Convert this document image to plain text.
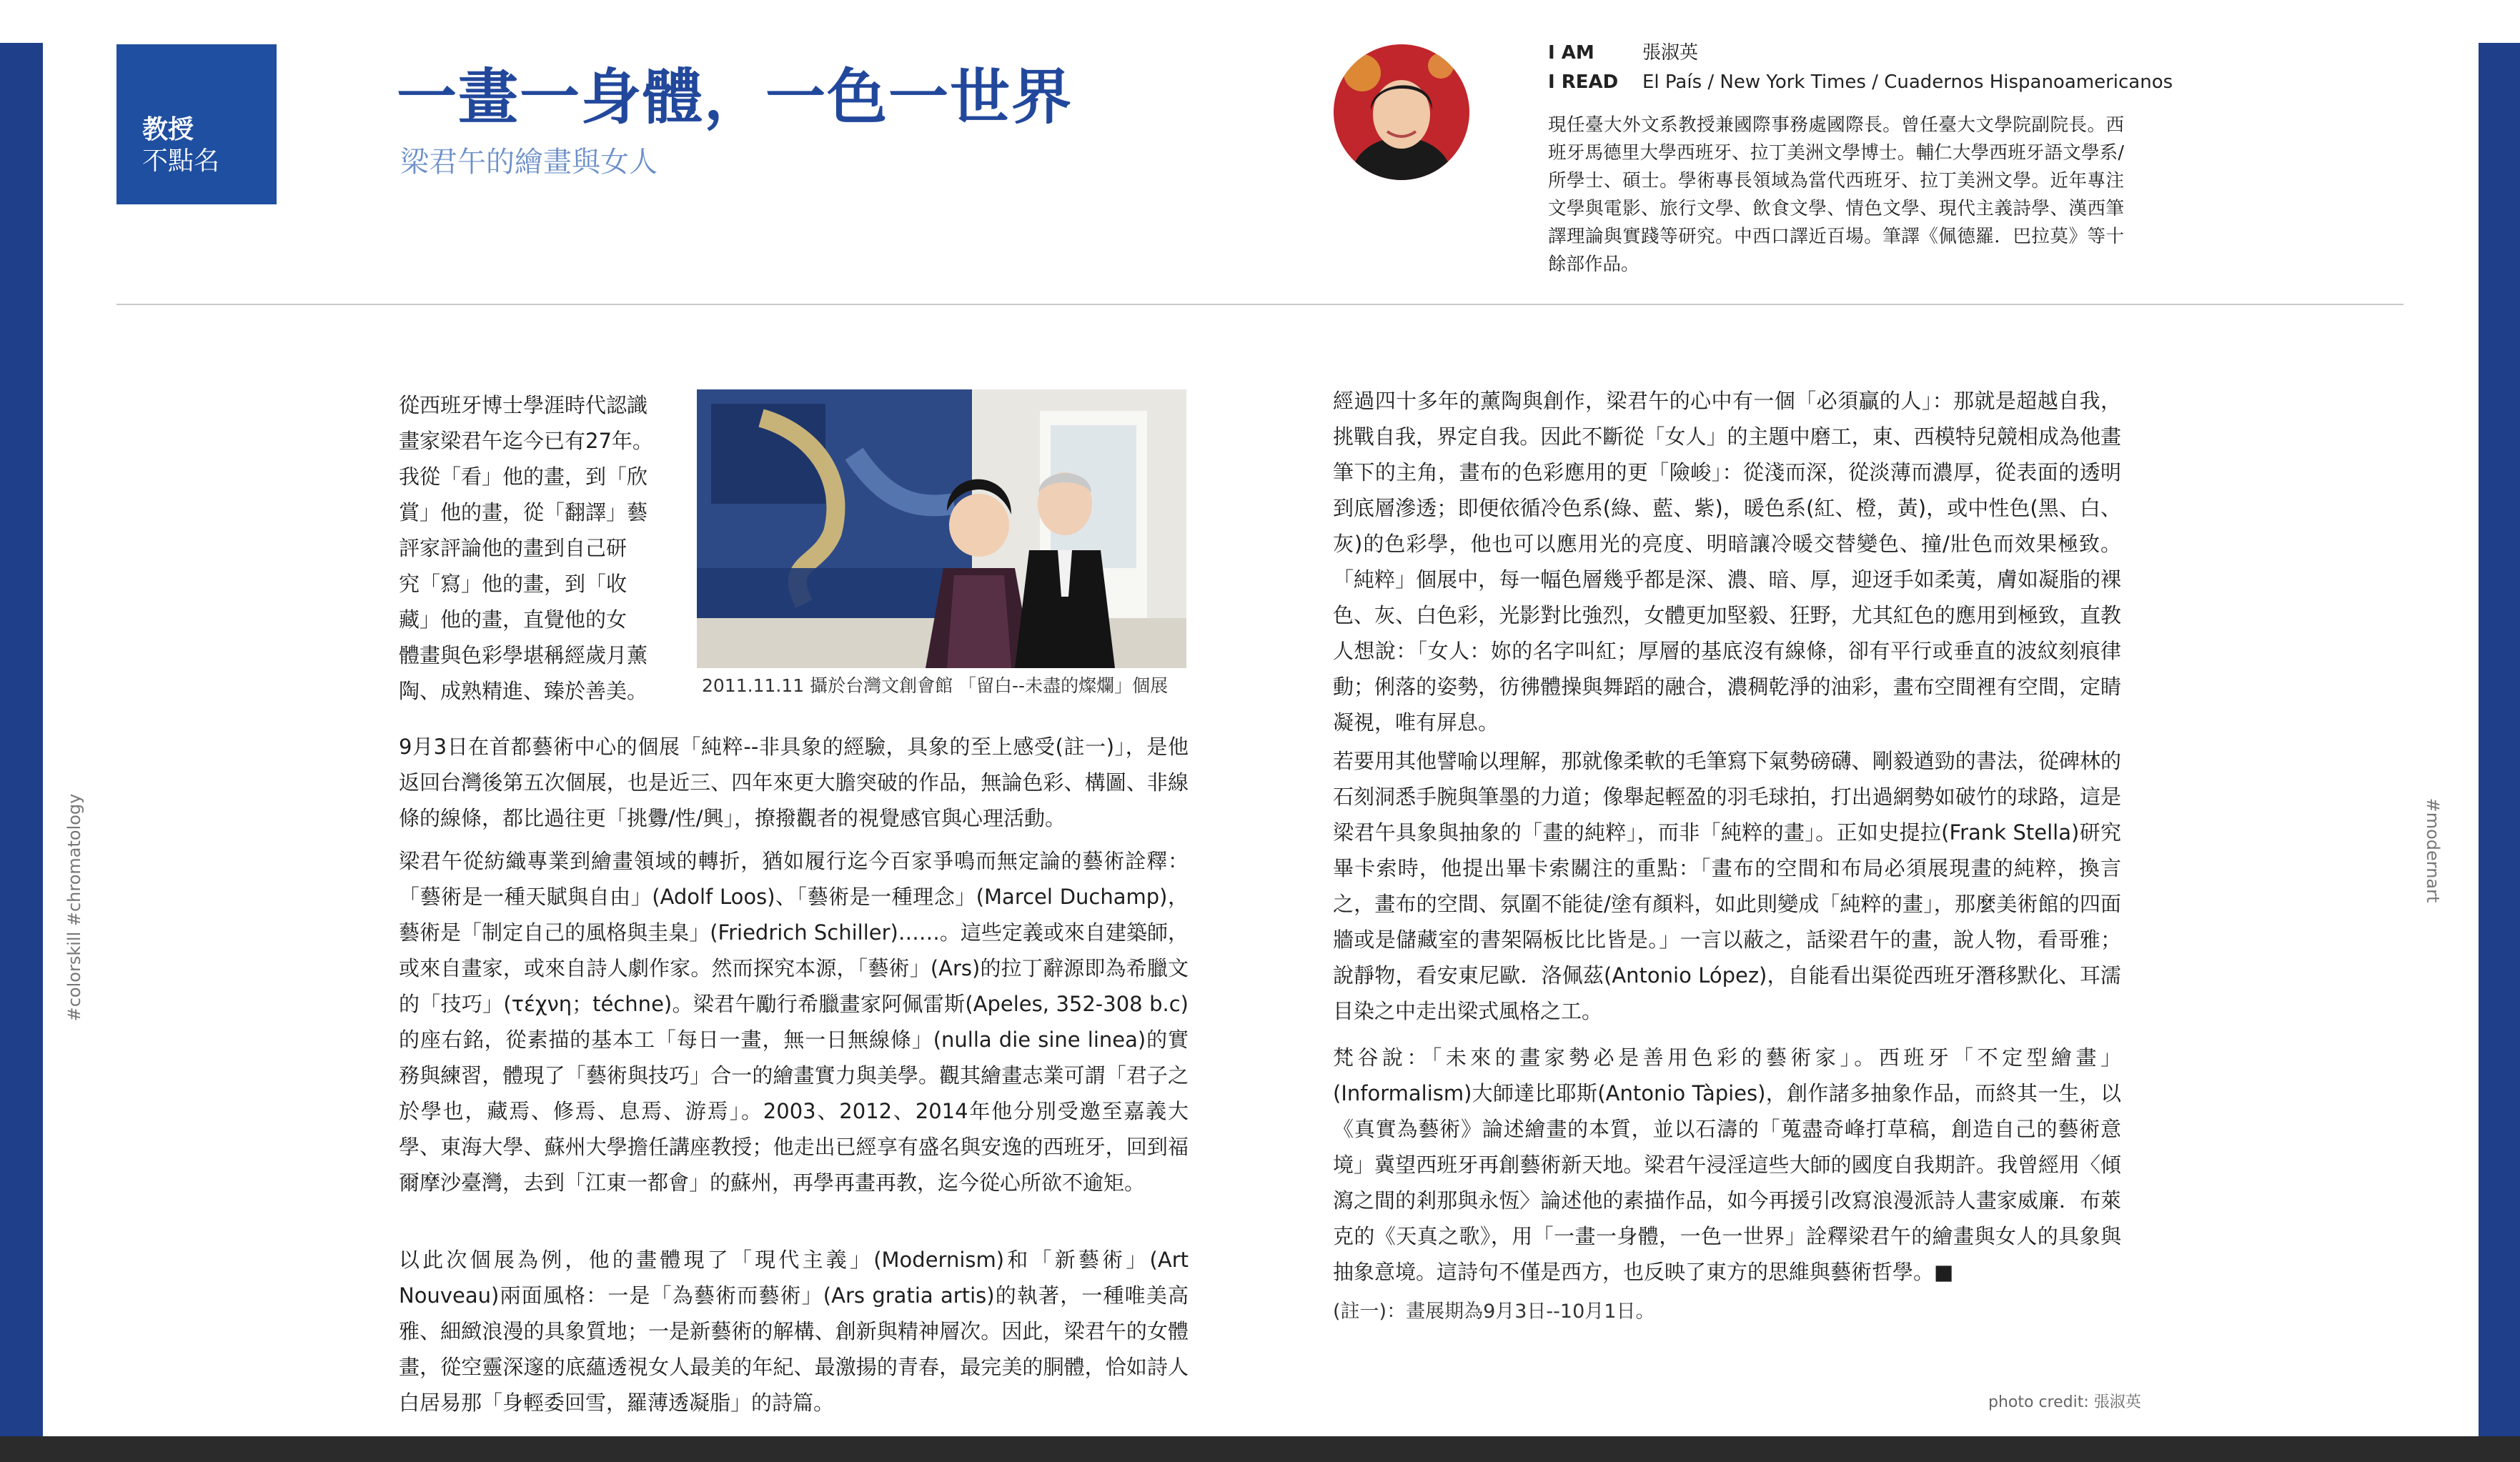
教授
不點名
一畫一身體，一色一世界
梁君午的繪畫與女人
I AM	張淑英
I READ El País / New York Times / Cuadernos Hispanoamericanos
現任臺大外文系教授兼國際事務處國際長。曾任臺大文學院副院長。西班牙馬德里大學西班牙、拉丁美洲文學博士。輔仁大學西班牙語文學系/所學士、碩士。學術專長領域為當代西班牙、拉丁美洲文學。近年專注文學與電影、旅行文學、飲食文學、情色文學、現代主義詩學、漢西筆譯理論與實踐等研究。中西口譯近百場。筆譯《佩德羅．巴拉莫》等十餘部作品。

從西班牙博士學涯時代認識
畫家梁君午迄今已有27年。
我從「看」他的畫，到「欣
賞」他的畫，從「翻譯」藝
評家評論他的畫到自己研
究「寫」他的畫，到「收
藏」他的畫，直覺他的女
體畫與色彩學堪稱經歲月薰
陶、成熟精進、臻於善美。	2011.11.11 攝於台灣文創會館 「留白--未盡的燦爛」個展

9月3日在首都藝術中心的個展「純粹--非具象的經驗，具象的至上感受(註一)」，是他返回台灣後第五次個展，也是近三、四年來更大膽突破的作品，無論色彩、構圖、非線條的線條，都比過往更「挑釁/性/興」，撩撥觀者的視覺感官與心理活動。

梁君午從紡織專業到繪畫領域的轉折，猶如履行迄今百家爭鳴而無定論的藝術詮釋：「藝術是一種天賦與自由」(Adolf Loos)、「藝術是一種理念」(Marcel Duchamp)，藝術是「制定自己的風格與圭臬」(Friedrich Schiller)……。這些定義或來自建築師，或來自畫家，或來自詩人劇作家。然而探究本源，「藝術」(Ars)的拉丁辭源即為希臘文的「技巧」(τέχνη；téchne)。梁君午勵行希臘畫家阿佩雷斯(Apeles, 352-308 b.c)的座右銘，從素描的基本工「每日一畫，無一日無線條」(nulla die sine linea)的實務與練習，體現了「藝術與技巧」合一的繪畫實力與美學。觀其繪畫志業可謂「君子之於學也，藏焉、修焉、息焉、游焉」。2003、2012、2014年他分別受邀至嘉義大學、東海大學、蘇州大學擔任講座教授；他走出已經享有盛名與安逸的西班牙，回到福爾摩沙臺灣，去到「江東一都會」的蘇州，再學再畫再教，迄今從心所欲不逾矩。

以此次個展為例，他的畫體現了「現代主義」(Modernism)和「新藝術」(Art Nouveau)兩面風格：一是「為藝術而藝術」(Ars gratia artis)的執著，一種唯美高雅、細緻浪漫的具象質地；一是新藝術的解構、創新與精神層次。因此，梁君午的女體畫，從空靈深邃的底蘊透視女人最美的年紀、最激揚的青春，最完美的胴體，恰如詩人白居易那「身輕委回雪，羅薄透凝脂」的詩篇。

經過四十多年的薰陶與創作，梁君午的心中有一個「必須贏的人」：那就是超越自我，挑戰自我，界定自我。因此不斷從「女人」的主題中磨工，東、西模特兒競相成為他畫筆下的主角，畫布的色彩應用的更「險峻」：從淺而深，從淡薄而濃厚，從表面的透明到底層滲透；即便依循冷色系(綠、藍、紫)，暖色系(紅、橙，黃)，或中性色(黑、白、灰)的色彩學，他也可以應用光的亮度、明暗讓冷暖交替變色、撞/壯色而效果極致。「純粹」個展中，每一幅色層幾乎都是深、濃、暗、厚，迎迓手如柔荑，膚如凝脂的裸色、灰、白色彩，光影對比強烈，女體更加堅毅、狂野，尤其紅色的應用到極致，直教人想說：「女人：妳的名字叫紅；厚層的基底沒有線條，卻有平行或垂直的波紋刻痕律動；俐落的姿勢，彷彿體操與舞蹈的融合，濃稠乾淨的油彩，畫布空間裡有空間，定睛凝視，唯有屏息。

若要用其他譬喻以理解，那就像柔軟的毛筆寫下氣勢磅礴、剛毅遒勁的書法，從碑林的石刻洞悉手腕與筆墨的力道；像舉起輕盈的羽毛球拍，打出過網勢如破竹的球路，這是梁君午具象與抽象的「畫的純粹」，而非「純粹的畫」。正如史提拉(Frank Stella)研究畢卡索時，他提出畢卡索關注的重點：「畫布的空間和布局必須展現畫的純粹，換言之，畫布的空間、氛圍不能徒/塗有顏料，如此則變成「純粹的畫」，那麼美術館的四面牆或是儲藏室的書架隔板比比皆是。」一言以蔽之，話梁君午的畫，說人物，看哥雅；說靜物，看安東尼歐．洛佩茲(Antonio López)，自能看出渠從西班牙潛移默化、耳濡目染之中走出梁式風格之工。

梵谷說：「未來的畫家勢必是善用色彩的藝術家」。西班牙「不定型繪畫」(Informalism)大師達比耶斯(Antonio Tàpies)，創作諸多抽象作品，而終其一生，以《真實為藝術》論述繪畫的本質，並以石濤的「蒐盡奇峰打草稿，創造自己的藝術意境」冀望西班牙再創藝術新天地。梁君午浸淫這些大師的國度自我期許。我曾經用〈傾瀉之間的剎那與永恆〉論述他的素描作品，如今再援引改寫浪漫派詩人畫家威廉．布萊克的《天真之歌》，用「一畫一身體，一色一世界」詮釋梁君午的繪畫與女人的具象與抽象意境。這詩句不僅是西方，也反映了東方的思維與藝術哲學。■

(註一)：畫展期為9月3日--10月1日。
photo credit: 張淑英
#colorskill #chromatology	#modernart
